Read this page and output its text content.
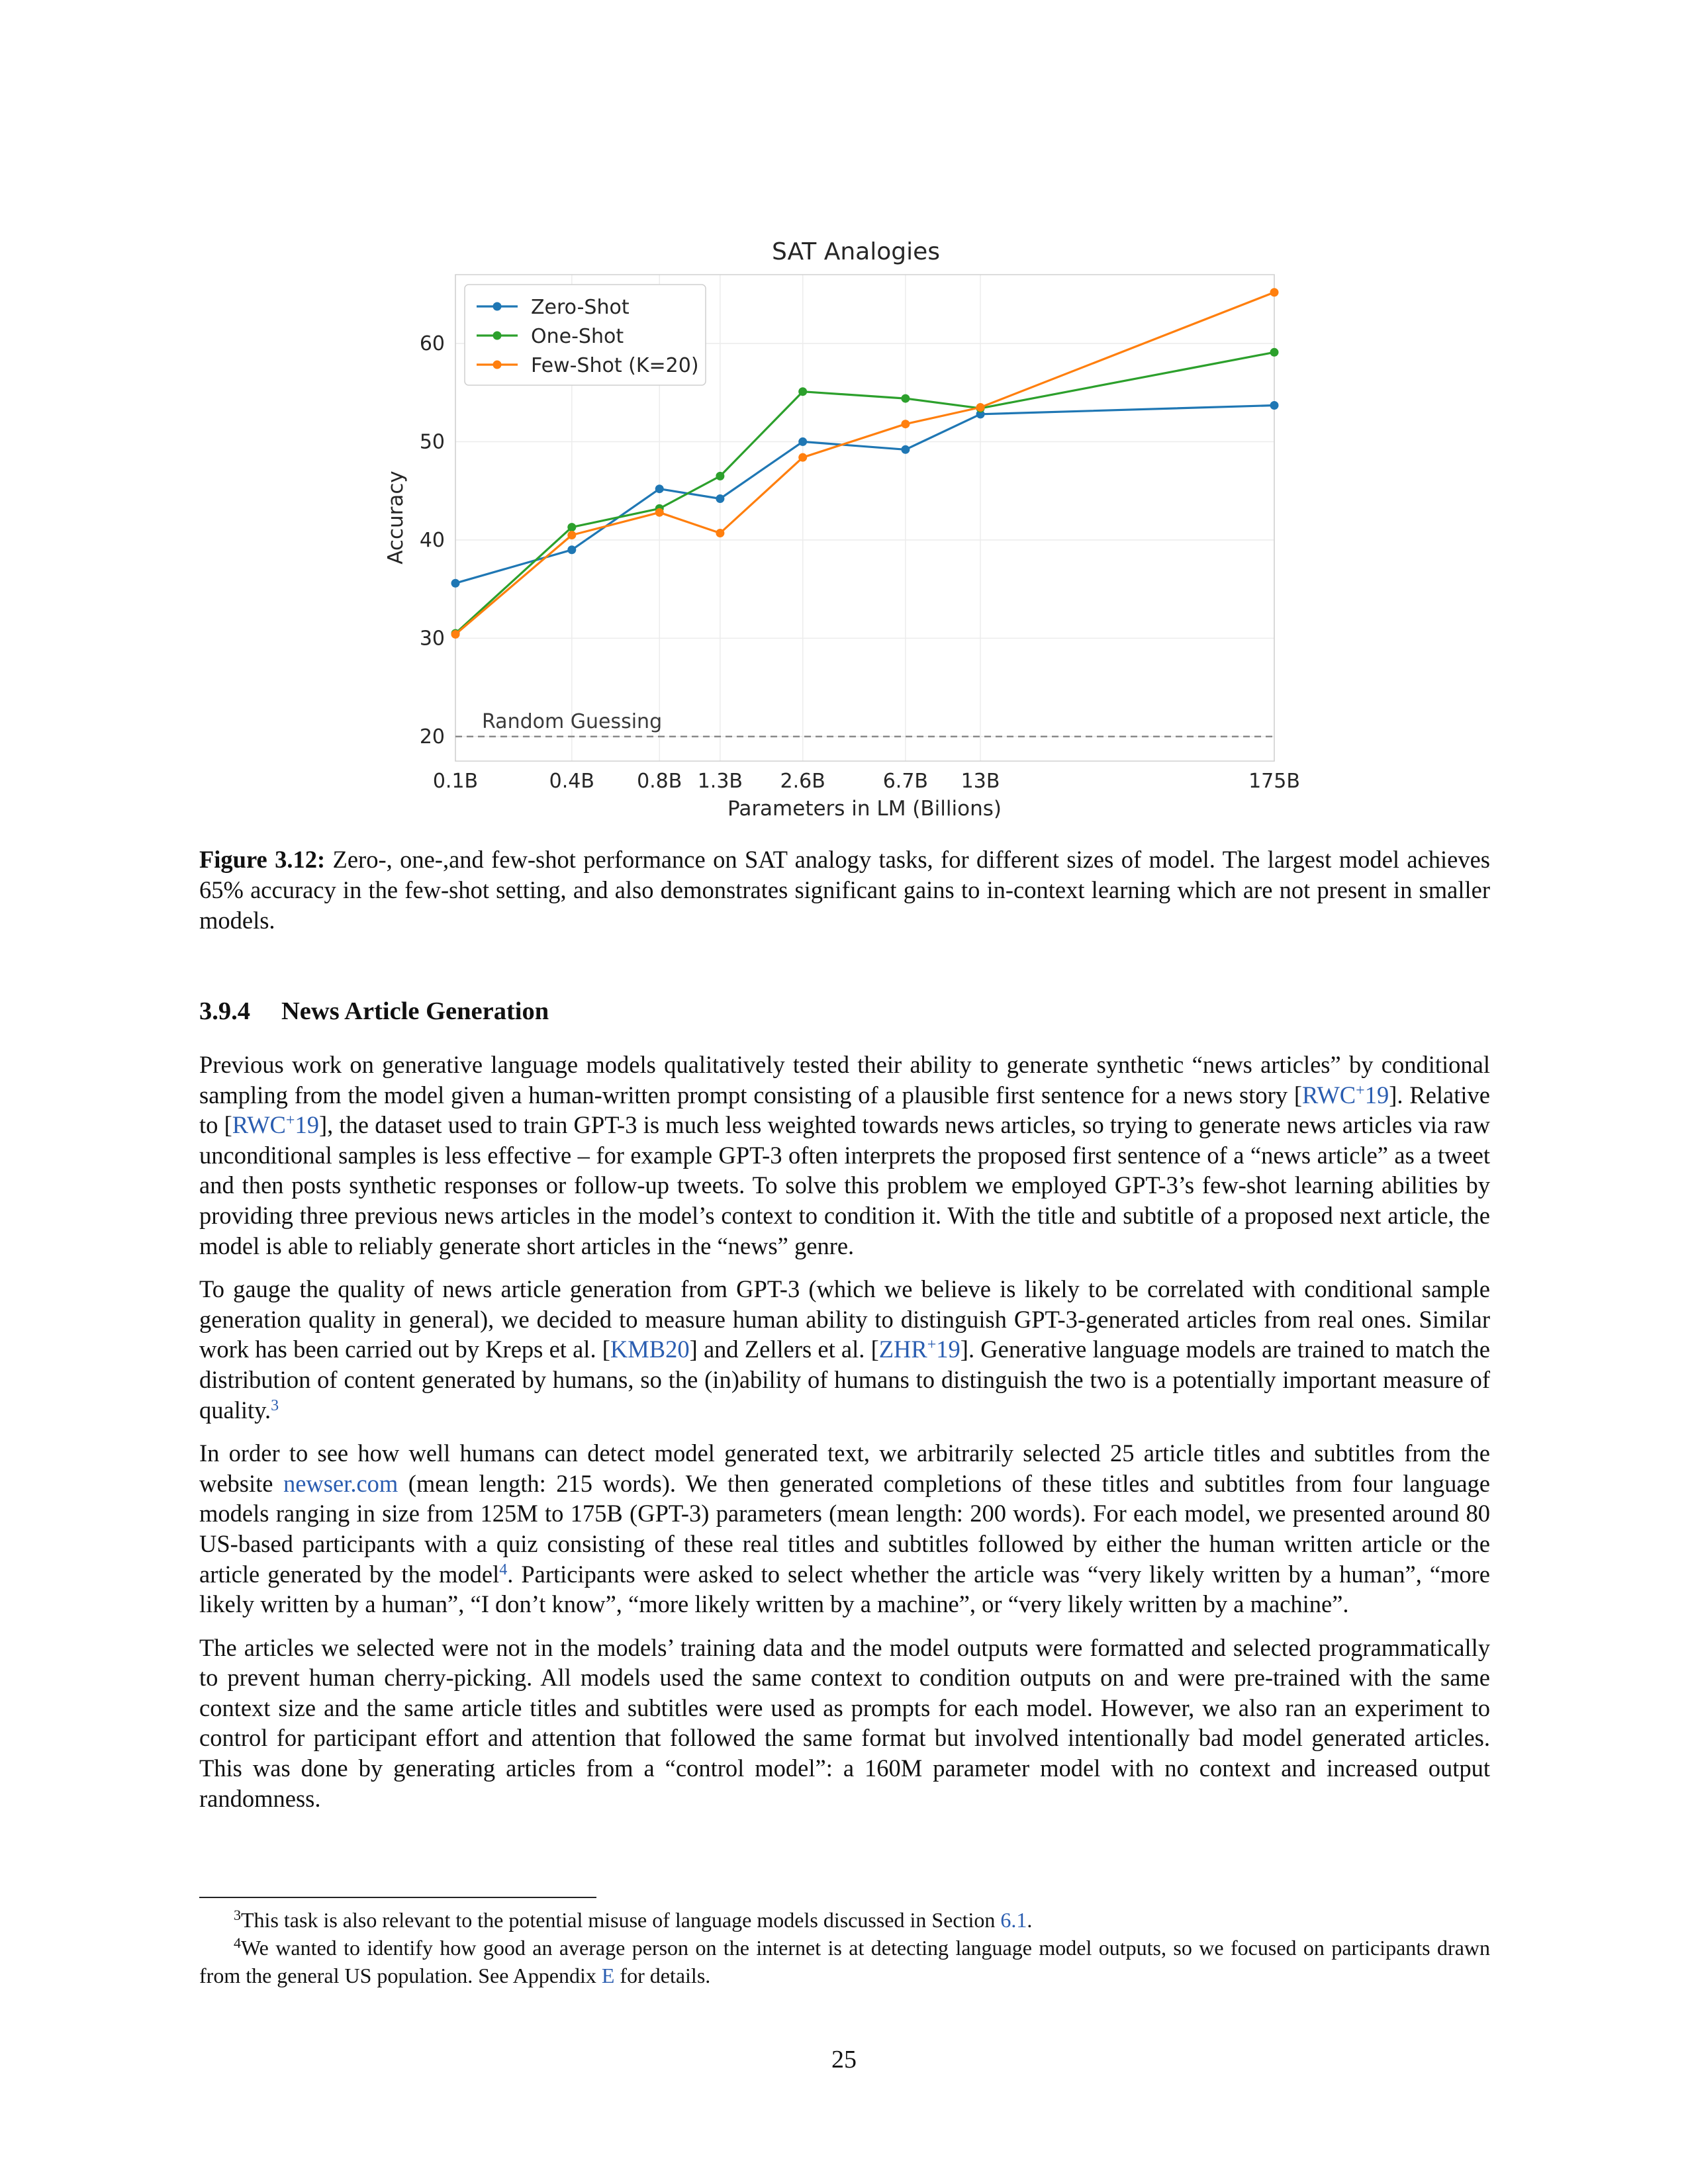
SAT Analogies
Random Guessing
0.1B	0.4B 0.8B 1.3B 2.6B	6.7B 13B	175B
20
30
40
50
60
Parameters in LM (Billions)
Accuracy
Zero-Shot
One-Shot
Few-Shot (K=20)
Figure 3.12: Zero-, one-,and few-shot performance on SAT analogy tasks, for different sizes of model. The largest model achieves 65% accuracy in the few-shot setting, and also demonstrates significant gains to in-context learning which are not present in smaller models.
3.9.4 News Article Generation

Previous work on generative language models qualitatively tested their ability to generate synthetic “news articles” by conditional sampling from the model given a human-written prompt consisting of a plausible first sentence for a news story [RWC+19]. Relative to [RWC+19], the dataset used to train GPT-3 is much less weighted towards news articles, so trying to generate news articles via raw unconditional samples is less effective – for example GPT-3 often interprets the proposed first sentence of a “news article” as a tweet and then posts synthetic responses or follow-up tweets. To solve this problem we employed GPT-3’s few-shot learning abilities by providing three previous news articles in the model’s context to condition it. With the title and subtitle of a proposed next article, the model is able to reliably generate short articles in the “news” genre.

To gauge the quality of news article generation from GPT-3 (which we believe is likely to be correlated with conditional sample generation quality in general), we decided to measure human ability to distinguish GPT-3-generated articles from real ones. Similar work has been carried out by Kreps et al. [KMB20] and Zellers et al. [ZHR+19]. Generative language models are trained to match the distribution of content generated by humans, so the (in)ability of humans to distinguish the two is a potentially important measure of quality.$^3$

In order to see how well humans can detect model generated text, we arbitrarily selected 25 article titles and subtitles from the website newser.com (mean length: 215 words). We then generated completions of these titles and subtitles from four language models ranging in size from 125M to 175B (GPT-3) parameters (mean length: 200 words). For each model, we presented around 80 US-based participants with a quiz consisting of these real titles and subtitles followed by either the human written article or the article generated by the model$^4$. Participants were asked to select whether the article was “very likely written by a human”, “more likely written by a human”, “I don’t know”, “more likely written by a machine”, or “very likely written by a machine”.

The articles we selected were not in the models’ training data and the model outputs were formatted and selected programmatically to prevent human cherry-picking. All models used the same context to condition outputs on and were pre-trained with the same context size and the same article titles and subtitles were used as prompts for each model. However, we also ran an experiment to control for participant effort and attention that followed the same format but involved intentionally bad model generated articles. This was done by generating articles from a “control model”: a 160M parameter model with no context and increased output randomness.

$^3$This task is also relevant to the potential misuse of language models discussed in Section 6.1.
$^4$We wanted to identify how good an average person on the internet is at detecting language model outputs, so we focused on participants drawn from the general US population. See Appendix E for details.
25
